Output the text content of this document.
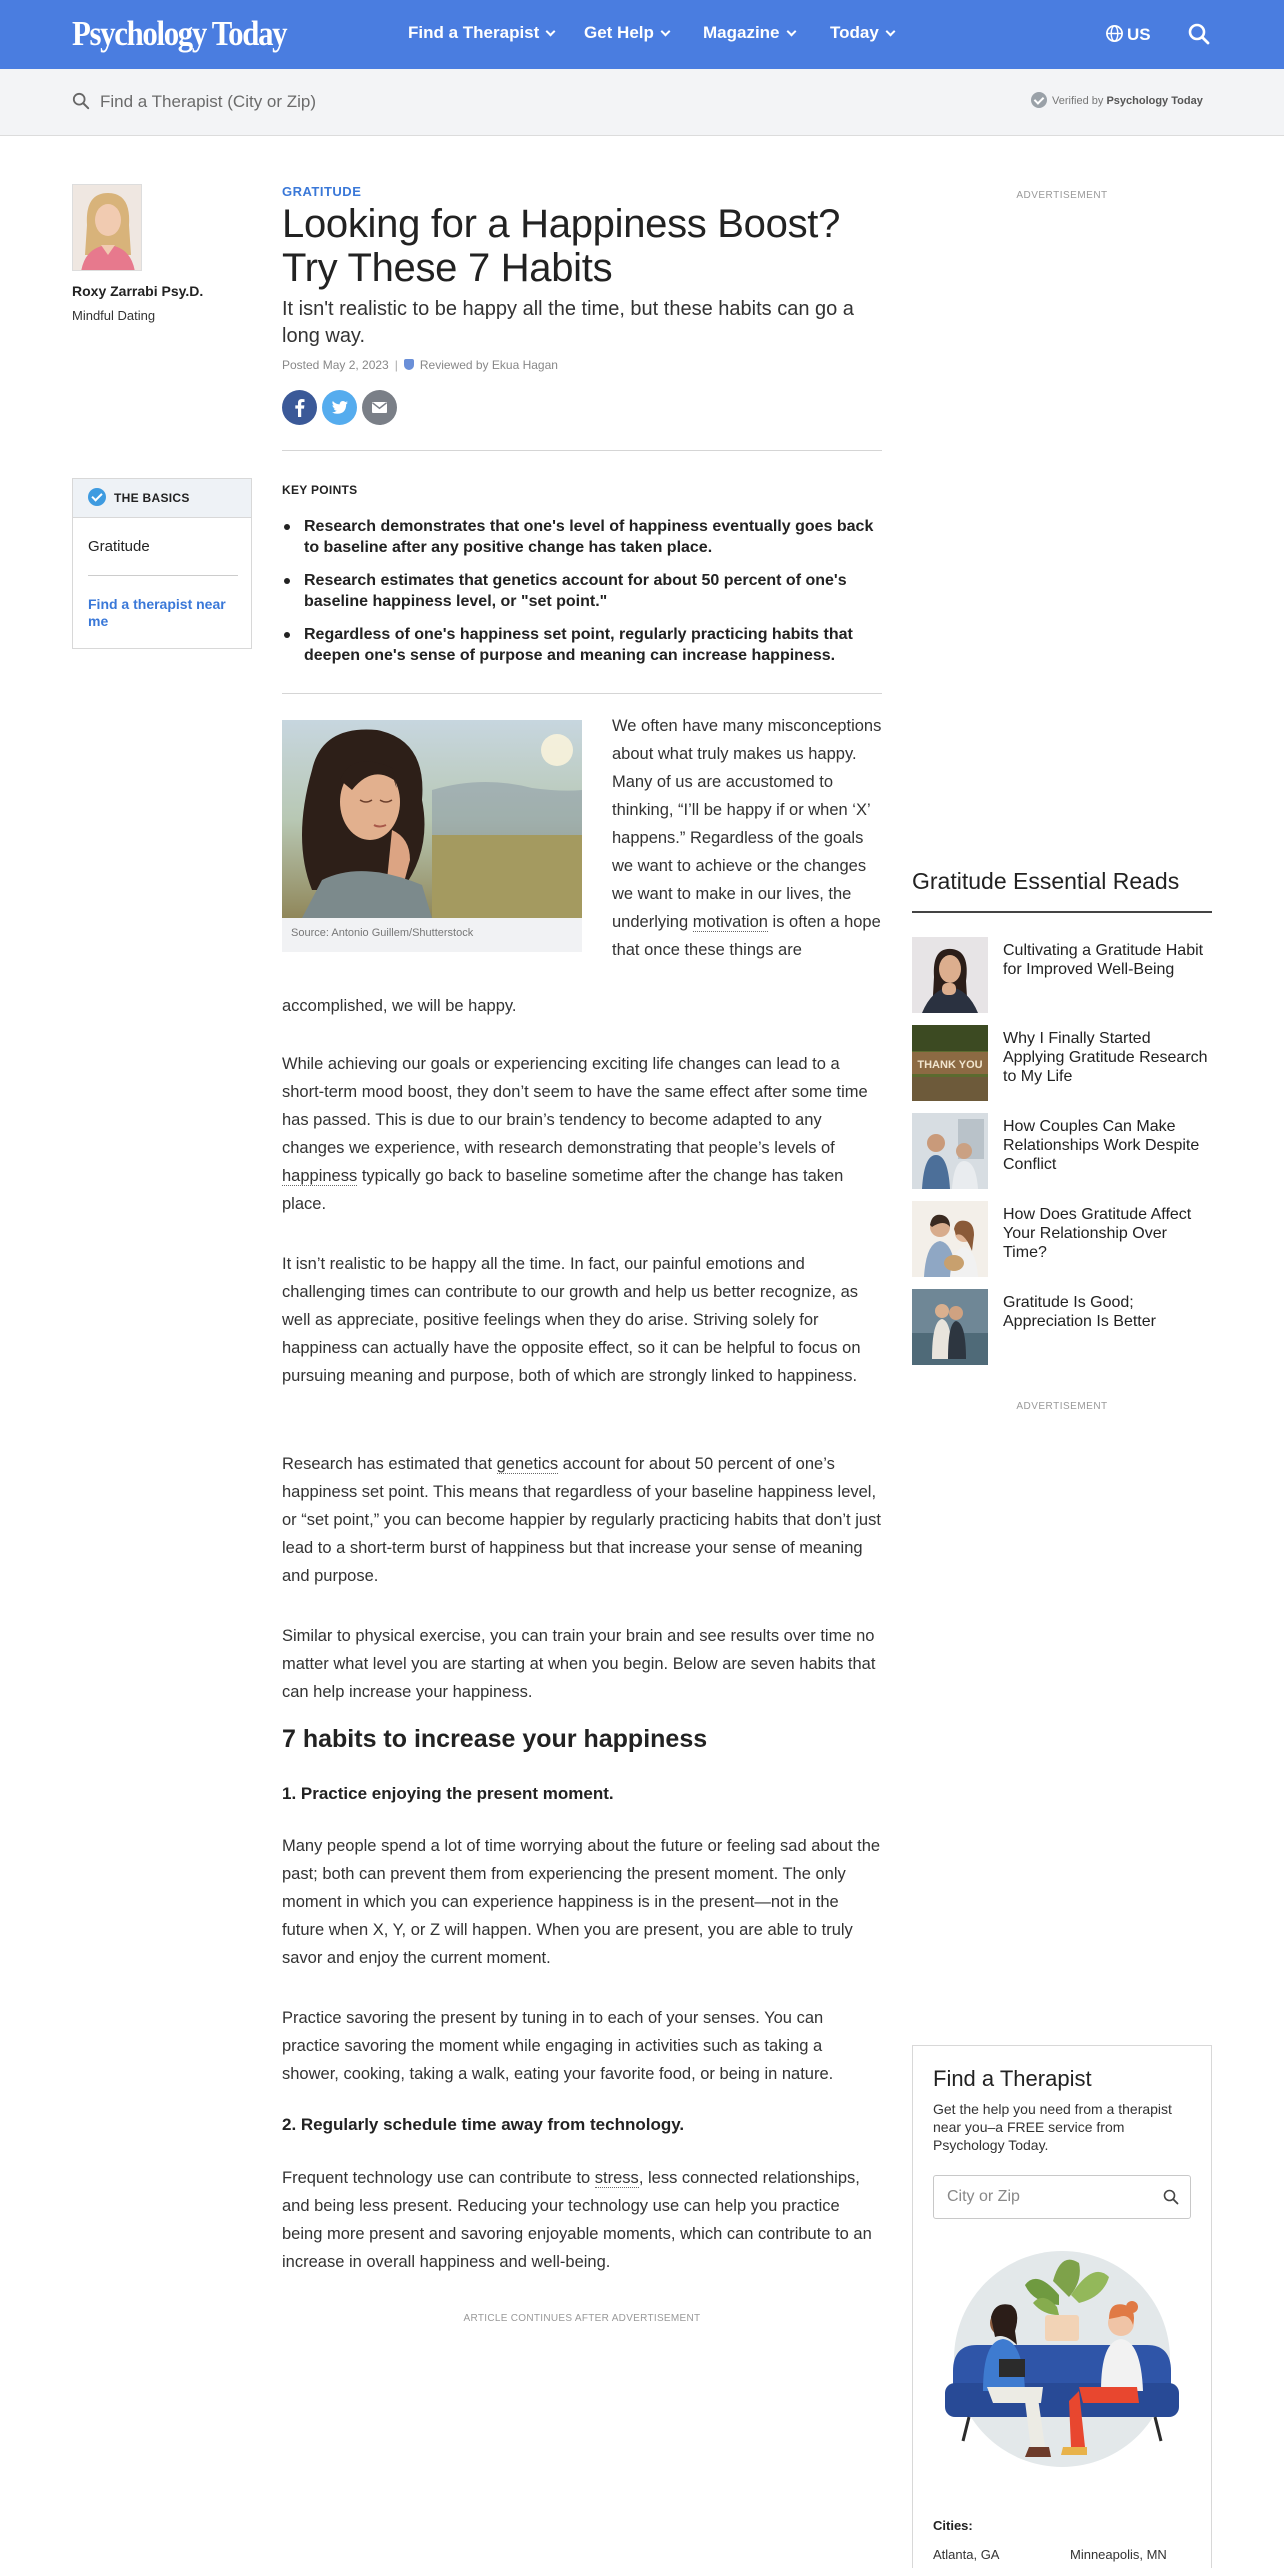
Psychology Today	Find a Therapist	Get Help	Magazine	Today	US
Find a Therapist (City or Zip)
Verified by Psychology Today
Roxy Zarrabi Psy.D.
Mindful Dating
THE BASICS
Gratitude
Find a therapist near me
GRATITUDE
Looking for a Happiness Boost? Try These 7 Habits
It isn't realistic to be happy all the time, but these habits can go a long way.
Posted May 2, 2023 | Reviewed by Ekua Hagan
KEY POINTS
Research demonstrates that one's level of happiness eventually goes back to baseline after any positive change has taken place.
Research estimates that genetics account for about 50 percent of one's baseline happiness level, or "set point."
Regardless of one's happiness set point, regularly practicing habits that deepen one's sense of purpose and meaning can increase happiness.
Source: Antonio Guillem/Shutterstock
We often have many misconceptions about what truly makes us happy. Many of us are accustomed to thinking, “I’ll be happy if or when ‘X’ happens.” Regardless of the goals we want to achieve or the changes we want to make in our lives, the underlying motivation is often a hope that once these things are
accomplished, we will be happy.
While achieving our goals or experiencing exciting life changes can lead to a short-term mood boost, they don’t seem to have the same effect after some time has passed. This is due to our brain’s tendency to become adapted to any changes we experience, with research demonstrating that people’s levels of happiness typically go back to baseline sometime after the change has taken place.
It isn’t realistic to be happy all the time. In fact, our painful emotions and challenging times can contribute to our growth and help us better recognize, as well as appreciate, positive feelings when they do arise. Striving solely for happiness can actually have the opposite effect, so it can be helpful to focus on pursuing meaning and purpose, both of which are strongly linked to happiness.
Research has estimated that genetics account for about 50 percent of one’s happiness set point. This means that regardless of your baseline happiness level, or “set point,” you can become happier by regularly practicing habits that don’t just lead to a short-term burst of happiness but that increase your sense of meaning and purpose.
Similar to physical exercise, you can train your brain and see results over time no matter what level you are starting at when you begin. Below are seven habits that can help increase your happiness.
7 habits to increase your happiness
1. Practice enjoying the present moment.
Many people spend a lot of time worrying about the future or feeling sad about the past; both can prevent them from experiencing the present moment. The only moment in which you can experience happiness is in the present—not in the future when X, Y, or Z will happen. When you are present, you are able to truly savor and enjoy the current moment.
Practice savoring the present by tuning in to each of your senses. You can practice savoring the moment while engaging in activities such as taking a shower, cooking, taking a walk, eating your favorite food, or being in nature.
2. Regularly schedule time away from technology.
Frequent technology use can contribute to stress, less connected relationships, and being less present. Reducing your technology use can help you practice being more present and savoring enjoyable moments, which can contribute to an increase in overall happiness and well-being.
ARTICLE CONTINUES AFTER ADVERTISEMENT
ADVERTISEMENT
Gratitude Essential Reads
Cultivating a Gratitude Habit for Improved Well-Being
THANK YOU
Why I Finally Started Applying Gratitude Research to My Life
How Couples Can Make Relationships Work Despite Conflict
How Does Gratitude Affect Your Relationship Over Time?
Gratitude Is Good; Appreciation Is Better
ADVERTISEMENT
Find a Therapist
Get the help you need from a therapist near you–a FREE service from Psychology Today.
City or Zip
Cities:
Atlanta, GA	Minneapolis, MN
